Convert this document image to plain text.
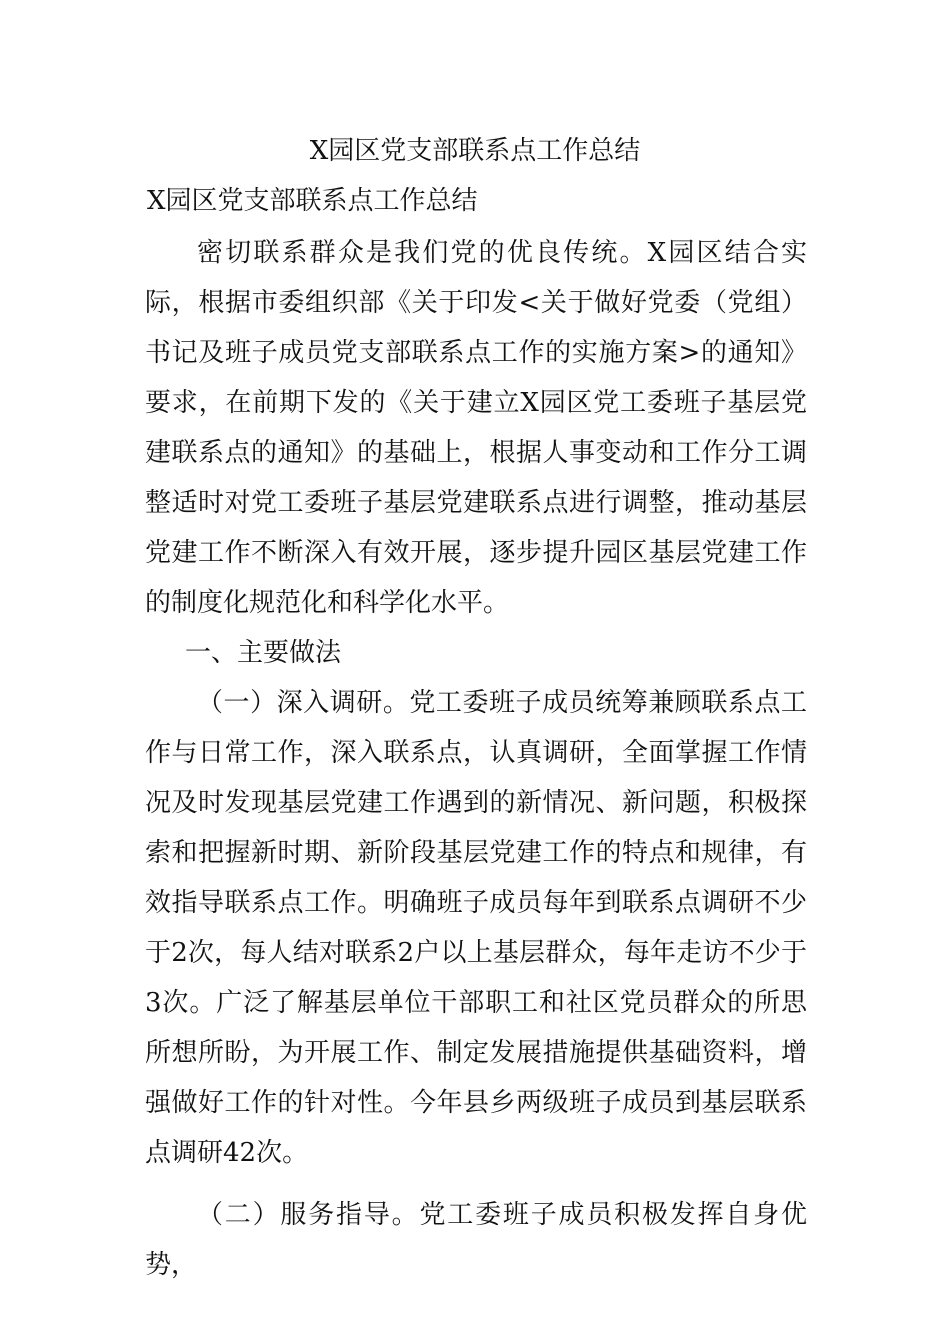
X园区党支部联系点工作总结
X园区党支部联系点工作总结

密切联系群众是我们党的优良传统。X园区结合实际，根据市委组织部《关于印发<关于做好党委（党组）书记及班子成员党支部联系点工作的实施方案>的通知》要求，在前期下发的《关于建立X园区党工委班子基层党建联系点的通知》的基础上，根据人事变动和工作分工调整适时对党工委班子基层党建联系点进行调整，推动基层党建工作不断深入有效开展，逐步提升园区基层党建工作的制度化规范化和科学化水平。

一、主要做法

（一）深入调研。党工委班子成员统筹兼顾联系点工作与日常工作，深入联系点，认真调研，全面掌握工作情况及时发现基层党建工作遇到的新情况、新问题，积极探索和把握新时期、新阶段基层党建工作的特点和规律，有效指导联系点工作。明确班子成员每年到联系点调研不少于2次，每人结对联系2户以上基层群众，每年走访不少于3次。广泛了解基层单位干部职工和社区党员群众的所思所想所盼，为开展工作、制定发展措施提供基础资料，增强做好工作的针对性。今年县乡两级班子成员到基层联系点调研42次。

（二）服务指导。党工委班子成员积极发挥自身优势，
